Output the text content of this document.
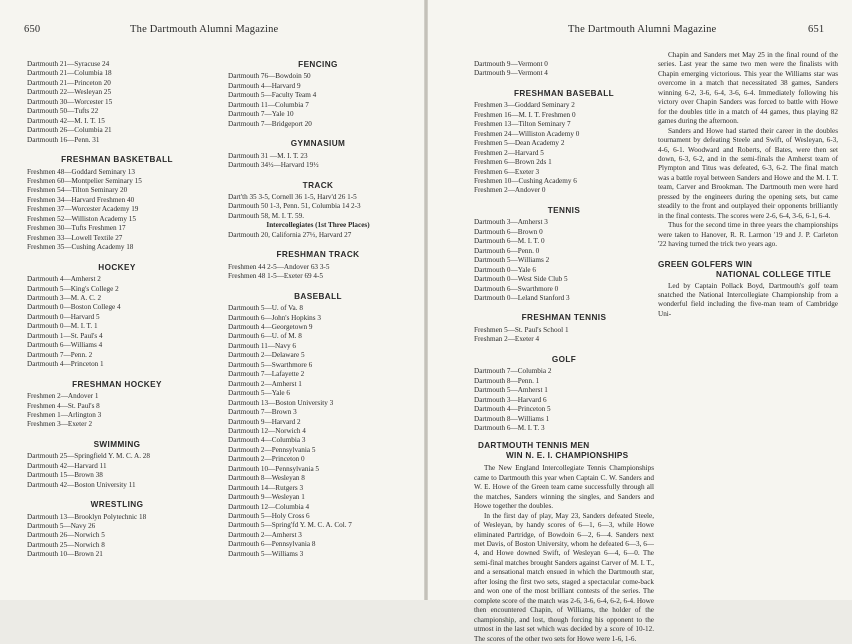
650	The Dartmouth Alumni Magazine
Dartmouth 21—Syracuse 24
Dartmouth 21—Columbia 18
Dartmouth 21—Princeton 20
Dartmouth 22—Wesleyan 25
Dartmouth 30—Worcester 15
Dartmouth 50—Tufts 22
Dartmouth 42—M. I. T. 15
Dartmouth 26—Columbia 21
Dartmouth 16—Penn. 31
FRESHMAN BASKETBALL
Freshmen 48—Goddard Seminary 13
Freshmen 60—Montpelier Seminary 15
Freshmen 54—Tilton Seminary 20
Freshmen 34—Harvard Freshmen 40
Freshmen 37—Worcester Academy 19
Freshmen 52—Williston Academy 15
Freshmen 30—Tufts Freshmen 17
Freshmen 33—Lowell Textile 27
Freshmen 35—Cushing Academy 18
HOCKEY
Dartmouth 4—Amherst 2
Dartmouth 5—King's College 2
Dartmouth 3—M. A. C. 2
Dartmouth 0—Boston College 4
Dartmouth 0—Harvard 5
Dartmouth 0—M. I. T. 1
Dartmouth 1—St. Paul's 4
Dartmouth 6—Williams 4
Dartmouth 7—Penn. 2
Dartmouth 4—Princeton 1
FRESHMAN HOCKEY
Freshmen 2—Andover 1
Freshmen 4—St. Paul's 8
Freshmen 1—Arlington 3
Freshmen 3—Exeter 2
SWIMMING
Dartmouth 25—Springfield Y. M. C. A. 28
Dartmouth 42—Harvard 11
Dartmouth 15—Brown 38
Dartmouth 42—Boston University 11
WRESTLING
Dartmouth 13—Brooklyn Polytechnic 18
Dartmouth 5—Navy 26
Dartmouth 26—Norwich 5
Dartmouth 25—Norwich 8
Dartmouth 10—Brown 21
FENCING
Dartmouth 76—Bowdoin 50
Dartmouth 4—Harvard 9
Dartmouth 5—Faculty Team 4
Dartmouth 11—Columbia 7
Dartmouth 7—Yale 10
Dartmouth 7—Bridgeport 20
GYMNASIUM
Dartmouth 31 —M. I. T. 23
Dartmouth 34½—Harvard 19½
TRACK
Dart'th 35 3-5, Cornell 36 1-5, Harv'd 26 1-5
Dartmouth 50 1-3, Penn. 51, Columbia 14 2-3
Dartmouth 58, M. I. T. 59.
Intercollegiates (1st Three Places)
Dartmouth 20, California 27⅓, Harvard 27
FRESHMAN TRACK
Freshmen 44 2-5—Andover 63 3-5
Freshmen 48 1-5—Exeter 69 4-5
BASEBALL
Dartmouth 5—U. of Va. 8
Dartmouth 6—John's Hopkins 3
Dartmouth 4—Georgetown 9
Dartmouth 6—U. of M. 8
Dartmouth 11—Navy 6
Dartmouth 2—Delaware 5
Dartmouth 5—Swarthmore 6
Dartmouth 7—Lafayette 2
Dartmouth 2—Amherst 1
Dartmouth 5—Yale 6
Dartmouth 13—Boston University 3
Dartmouth 7—Brown 3
Dartmouth 9—Harvard 2
Dartmouth 12—Norwich 4
Dartmouth 4—Columbia 3
Dartmouth 2—Pennsylvania 5
Dartmouth 2—Princeton 0
Dartmouth 10—Pennsylvania 5
Dartmouth 8—Wesleyan 8
Dartmouth 14—Rutgers 3
Dartmouth 9—Wesleyan 1
Dartmouth 12—Columbia 4
Dartmouth 5—Holy Cross 6
Dartmouth 5—Spring'fd Y. M. C. A. Col. 7
Dartmouth 2—Amherst 3
Dartmouth 6—Pennsylvania 8
Dartmouth 5—Williams 3
The Dartmouth Alumni Magazine	651
Dartmouth 9—Vermont 0
Dartmouth 9—Vermont 4
FRESHMAN BASEBALL
Freshmen 3—Goddard Seminary 2
Freshmen 16—M. I. T. Freshmen 0
Freshmen 13—Tilton Seminary 7
Freshmen 24—Williston Academy 0
Freshmen 5—Dean Academy 2
Freshmen 2—Harvard 5
Freshmen 6—Brown 2ds 1
Freshmen 6—Exeter 3
Freshmen 10—Cushing Academy 6
Freshmen 2—Andover 0
TENNIS
Dartmouth 3—Amherst 3
Dartmouth 6—Brown 0
Dartmouth 6—M. I. T. 0
Dartmouth 6—Penn. 0
Dartmouth 5—Williams 2
Dartmouth 0—Yale 6
Dartmouth 0—West Side Club 5
Dartmouth 6—Swarthmore 0
Dartmouth 0—Leland Stanford 3
FRESHMAN TENNIS
Freshmen 5—St. Paul's School 1
Freshman 2—Exeter 4
GOLF
Dartmouth 7—Columbia 2
Dartmouth 8—Penn. 1
Dartmouth 5—Amherst 1
Dartmouth 3—Harvard 6
Dartmouth 4—Princeton 5
Dartmouth 8—Williams 1
Dartmouth 6—M. I. T. 3
DARTMOUTH TENNIS MEN
WIN N. E. I. CHAMPIONSHIPS
The New England Intercollegiate Tennis Championships came to Dartmouth this year when Captain C. W. Sanders and W. E. Howe of the Green team came successfully through all the matches, Sanders winning the singles, and Sanders and Howe together the doubles.
In the first day of play, May 23, Sanders defeated Steele, of Wesleyan, by handy scores of 6—1, 6—3, while Howe eliminated Partridge, of Bowdoin 6—2, 6—4. Sanders next met Davis, of Boston University, whom he defeated 6—3, 6—4, and Howe downed Swift, of Wesleyan 6—4, 6—0. The semi-final matches brought Sanders against Carver of M. I. T., and a sensational match ensued in which the Dartmouth star, after losing the first two sets, staged a spectacular come-back and won one of the most brilliant contests of the series. The complete score of the match was 2-6, 3-6, 6-4, 6-2, 6-4. Howe then encountered Chapin, of Williams, the holder of the championship, and lost, though forcing his opponent to the utmost in the last set which was decided by a score of 10-12. The scores of the other two sets for Howe were 1-6, 1-6.
Chapin and Sanders met May 25 in the final round of the series. Last year the same two men were the finalists with Chapin emerging victorious. This year the Williams star was overcome in a match that necessitated 38 games, Sanders winning 6-2, 3-6, 6-4, 3-6, 6-4. Immediately following his victory over Chapin Sanders was forced to battle with Howe for the doubles title in a match of 44 games, thus playing 82 games during the afternoon.
Sanders and Howe had started their career in the doubles tournament by defeating Steele and Swift, of Wesleyan, 6-3, 4-6, 6-1. Woodward and Roberts, of Bates, were then set down, 6-3, 6-2, and in the semi-finals the Amherst team of Plympton and Titus was defeated, 6-3, 6-2. The final match was a battle royal between Sanders and Howe and the M. I. T. team, Carver and Brookman. The Dartmouth men were hard pressed by the engineers during the opening sets, but came steadily to the front and outplayed their opponents brilliantly in the final contests. The scores were 2-6, 6-4, 3-6, 6-1, 6-4.
Thus for the second time in three years the championships were taken to Hanover, R. R. Larmon '19 and J. P. Carleton '22 having turned the trick two years ago.
GREEN GOLFERS WIN
NATIONAL COLLEGE TITLE
Led by Captain Pollack Boyd, Dartmouth's golf team snatched the National Intercollegiate Championship from a wonderful field including the five-man team of Cambridge Uni-
